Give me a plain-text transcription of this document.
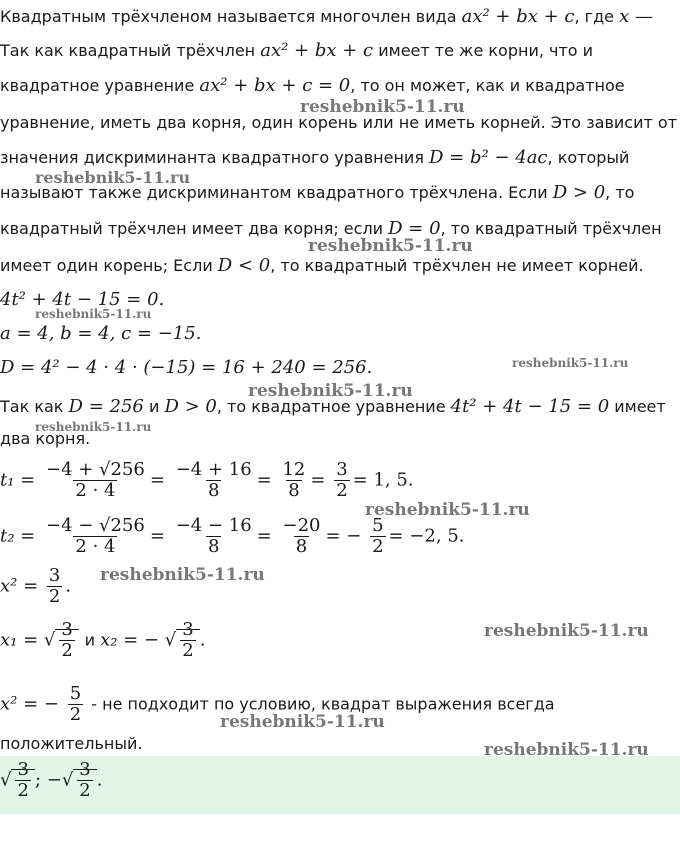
Квадратным трёхчленом называется многочлен вида ax² + bx + c, где x —
Так как квадратный трёхчлен ax² + bx + c имеет те же корни, что и
квадратное уравнение ax² + bx + c = 0, то он может, как и квадратное
уравнение, иметь два корня, один корень или не иметь корней. Это зависит от
значения дискриминанта квадратного уравнения D = b² − 4ac, который
называют также дискриминантом квадратного трёхчлена. Если D > 0, то
квадратный трёхчлен имеет два корня; если D = 0, то квадратный трёхчлен
имеет один корень; Если D < 0, то квадратный трёхчлен не имеет корней.
4t² + 4t − 15 = 0.
a = 4, b = 4, c = −15.
D = 4² − 4 · 4 · (−15) = 16 + 240 = 256.
Так как D = 256 и D > 0, то квадратное уравнение 4t² + 4t − 15 = 0 имеет
два корня.
$t_1 = \frac{-4 + √256}{2 \cdot 4} = \frac{-4 + 16}{8} = \frac{12}{8} = \frac{3}{2} = 1$, 5.
$t_2 = \frac{-4 - √256}{2 \cdot 4} = \frac{-4 - 16}{8} = \frac{-20}{8}$ = − $\frac{5}{2} = -2$, 5.
$x^2 = \frac{3}{2}$ .
x₁ = √ $\frac{3}{2}$ и x₂ = − √ $\frac{3}{2}$ .
x² = − $\frac{5}{2}$ - не подходит по условию, квадрат выражения всегда
положительный.
√ $\frac{3}{2}$ ; −√ $\frac{3}{2}$ .
reshebnik5-11.ru
reshebnik5-11.ru
reshebnik5-11.ru
reshebnik5-11.ru
reshebnik5-11.ru
reshebnik5-11.ru
reshebnik5-11.ru
reshebnik5-11.ru
reshebnik5-11.ru
reshebnik5-11.ru
reshebnik5-11.ru
reshebnik5-11.ru
